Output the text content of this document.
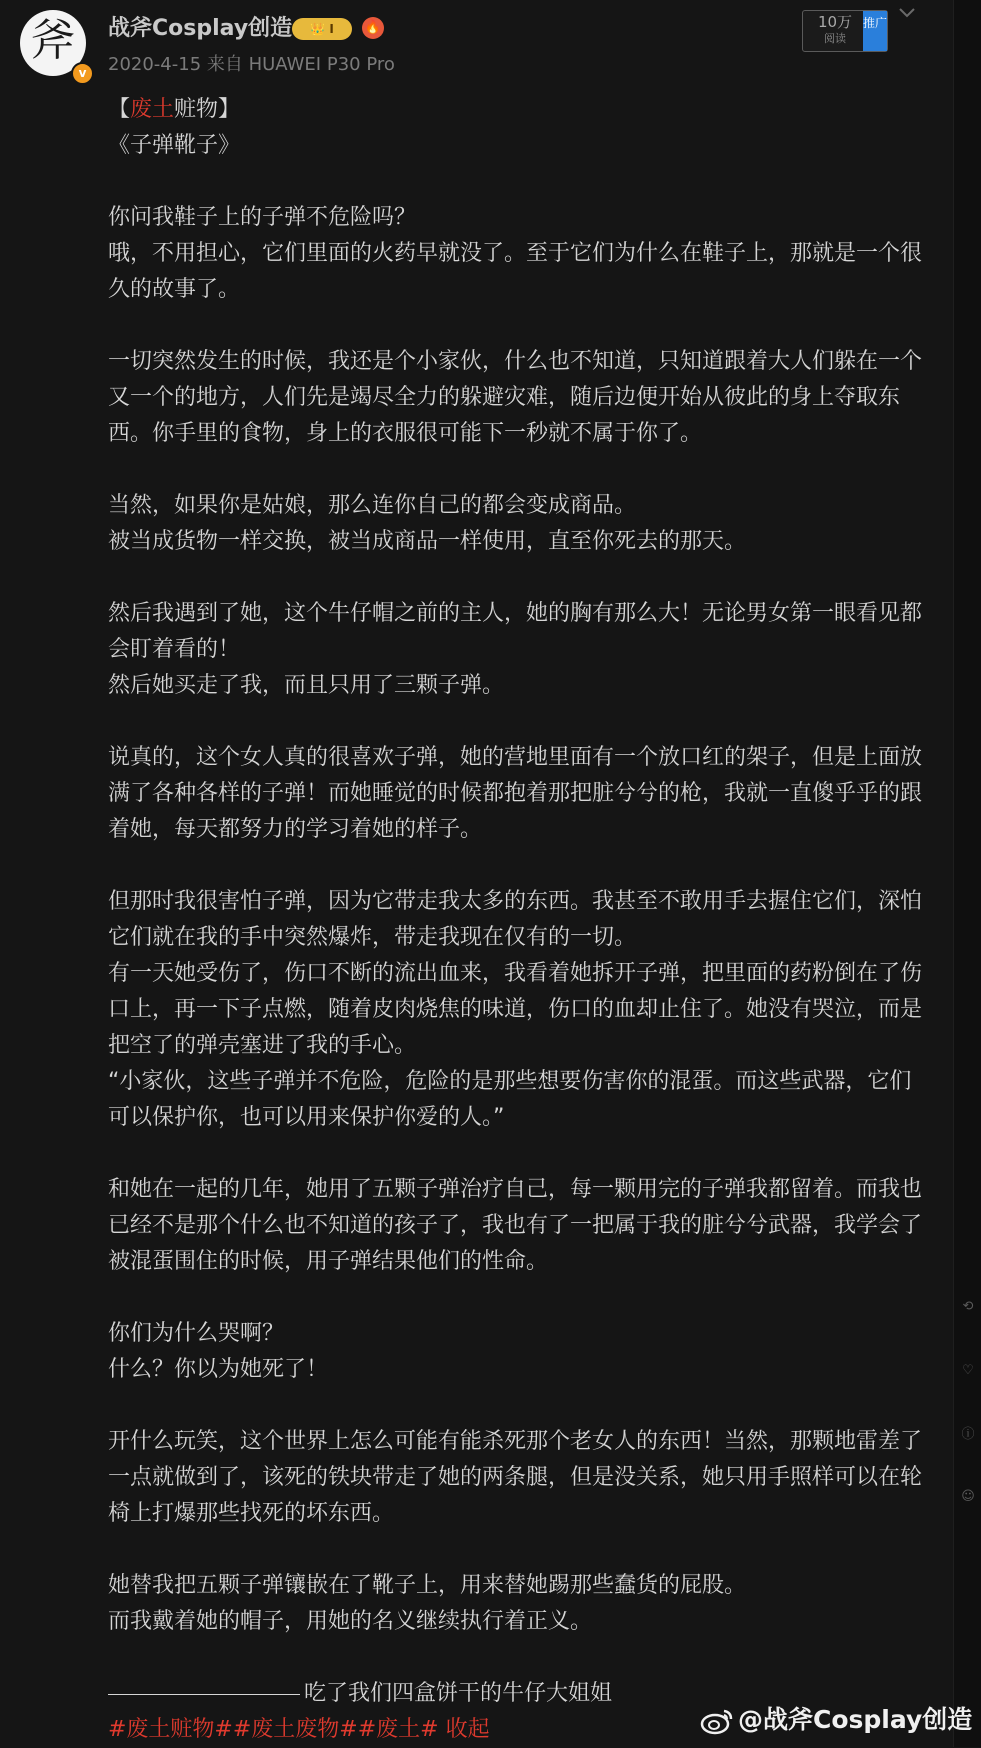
斧
v
战斧Cosplay创造	👑 I	🔥
2020-4-15 来自 HUAWEI P30 Pro
10万
阅读
推广

【废土赃物】

《子弹靴子》

你问我鞋子上的子弹不危险吗？

哦，不用担心，它们里面的火药早就没了。至于它们为什么在鞋子上，那就是一个很久的故事了。

一切突然发生的时候，我还是个小家伙，什么也不知道，只知道跟着大人们躲在一个又一个的地方，人们先是竭尽全力的躲避灾难，随后边便开始从彼此的身上夺取东西。你手里的食物，身上的衣服很可能下一秒就不属于你了。

当然，如果你是姑娘，那么连你自己的都会变成商品。

被当成货物一样交换，被当成商品一样使用，直至你死去的那天。

然后我遇到了她，这个牛仔帽之前的主人，她的胸有那么大！无论男女第一眼看见都会盯着看的！

然后她买走了我，而且只用了三颗子弹。

说真的，这个女人真的很喜欢子弹，她的营地里面有一个放口红的架子，但是上面放满了各种各样的子弹！而她睡觉的时候都抱着那把脏兮兮的枪，我就一直傻乎乎的跟着她，每天都努力的学习着她的样子。

但那时我很害怕子弹，因为它带走我太多的东西。我甚至不敢用手去握住它们，深怕它们就在我的手中突然爆炸，带走我现在仅有的一切。

有一天她受伤了，伤口不断的流出血来，我看着她拆开子弹，把里面的药粉倒在了伤口上，再一下子点燃，随着皮肉烧焦的味道，伤口的血却止住了。她没有哭泣，而是把空了的弹壳塞进了我的手心。

“小家伙，这些子弹并不危险，危险的是那些想要伤害你的混蛋。而这些武器，它们可以保护你，也可以用来保护你爱的人。”

和她在一起的几年，她用了五颗子弹治疗自己，每一颗用完的子弹我都留着。而我也已经不是那个什么也不知道的孩子了，我也有了一把属于我的脏兮兮武器，我学会了被混蛋围住的时候，用子弹结果他们的性命。

你们为什么哭啊？

什么？你以为她死了！

开什么玩笑，这个世界上怎么可能有能杀死那个老女人的东西！当然，那颗地雷差了一点就做到了，该死的铁块带走了她的两条腿，但是没关系，她只用手照样可以在轮椅上打爆那些找死的坏东西。

她替我把五颗子弹镶嵌在了靴子上，用来替她踢那些蠢货的屁股。

而我戴着她的帽子，用她的名义继续执行着正义。

吃了我们四盒饼干的牛仔大姐姐

#废土赃物##废土废物##废土# 收起

⟲
♡
ⓘ
☺
@战斧Cosplay创造
